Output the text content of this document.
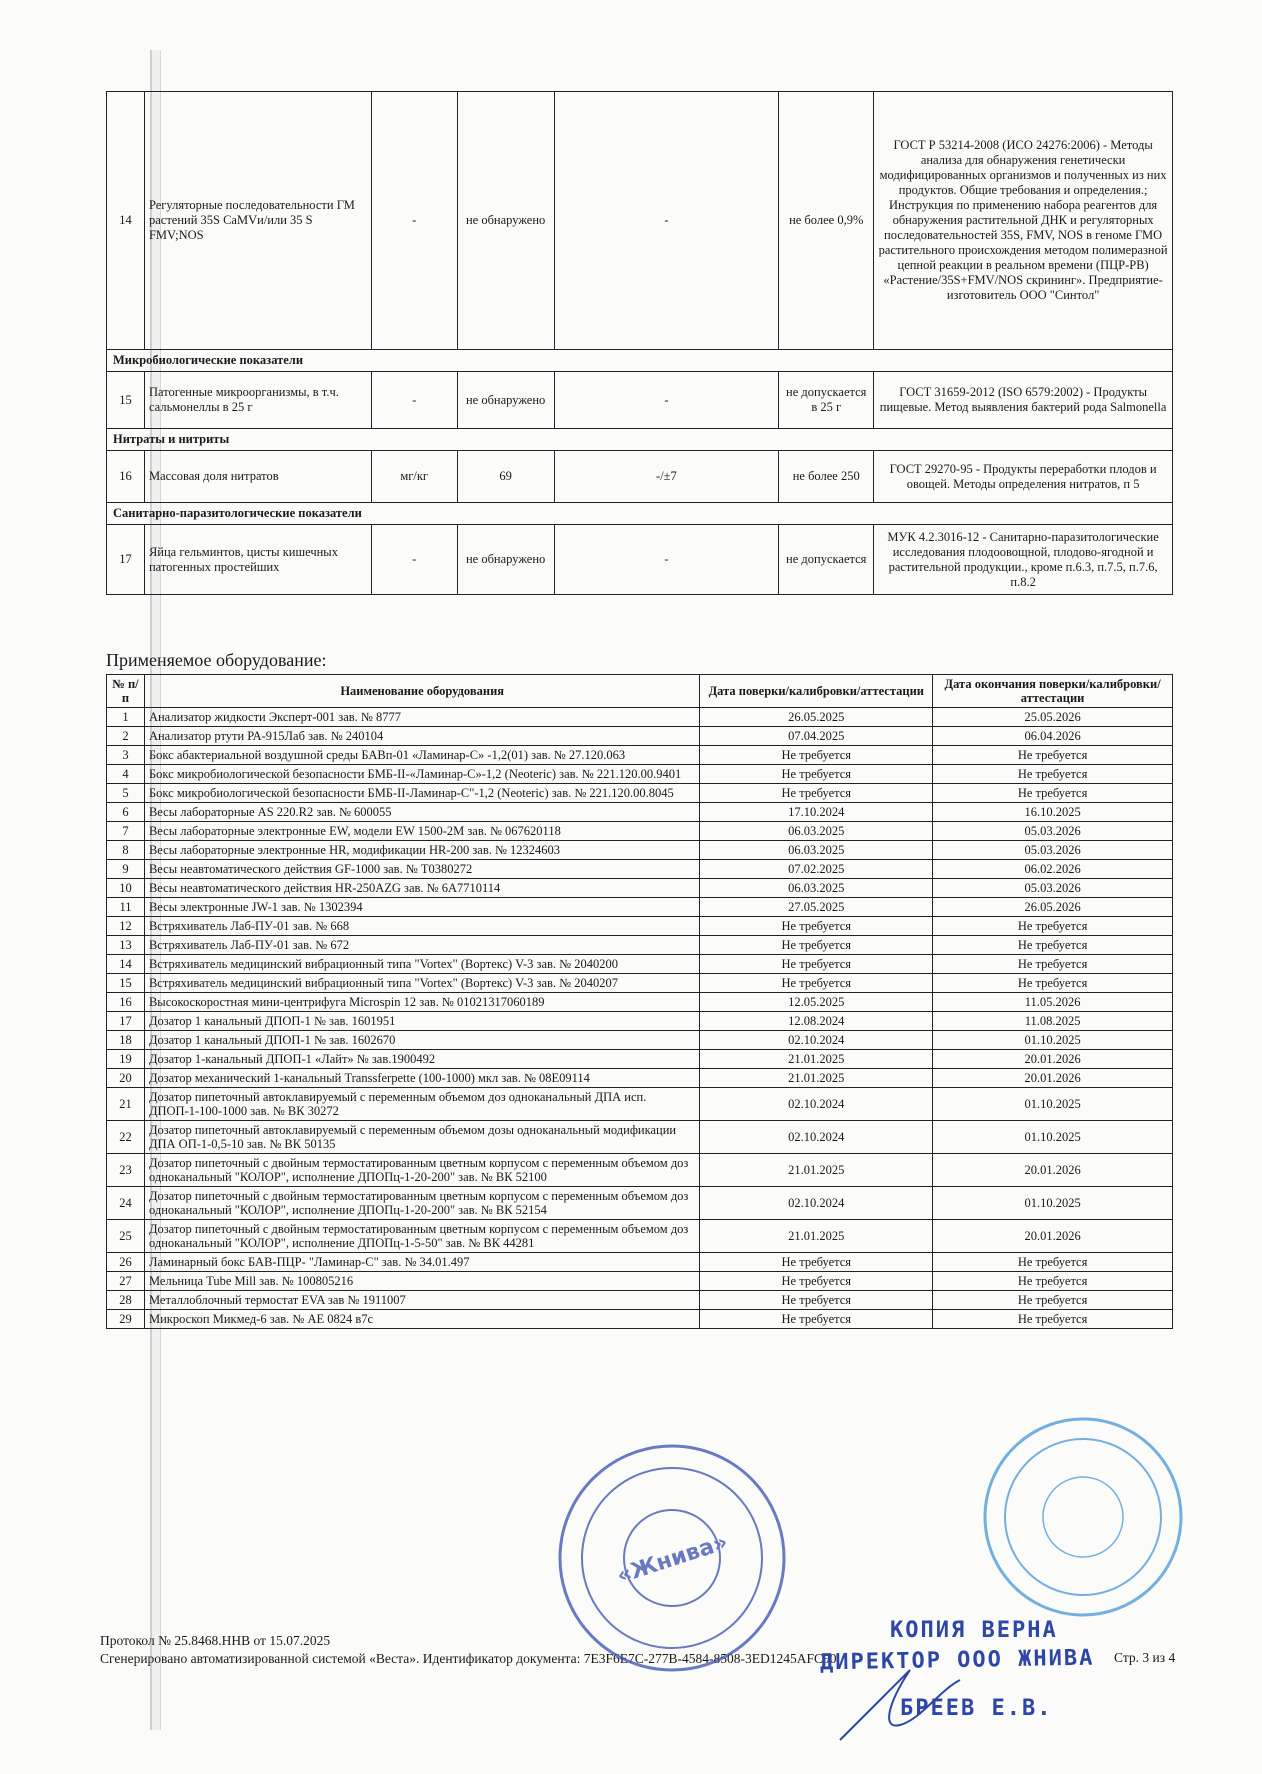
14	Регуляторные последовательности ГМ растений 35S CaMVи/или 35 S FMV;NOS	-	не обнаружено	-	не более 0,9%	ГОСТ Р 53214-2008 (ИСО 24276:2006) - Методы анализа для обнаружения генетически модифицированных организмов и полученных из них продуктов. Общие требования и определения.; Инструкция по применению набора реагентов для обнаружения растительной ДНК и регуляторных последовательностей 35S, FMV, NOS в геноме ГМО растительного происхождения методом полимеразной цепной реакции в реальном времени (ПЦР-РВ) «Растение/35S+FMV/NOS скрининг». Предприятие-изготовитель ООО "Синтол"
Микробиологические показатели						
15	Патогенные микроорганизмы, в т.ч. сальмонеллы в 25 г	-	не обнаружено	-	не допускается в 25 г	ГОСТ 31659-2012 (ISO 6579:2002) - Продукты пищевые. Метод выявления бактерий рода Salmonella
Нитраты и нитриты						
16	Массовая доля нитратов	мг/кг	69	-/±7	не более 250	ГОСТ 29270-95 - Продукты переработки плодов и овощей. Методы определения нитратов, п 5
Санитарно-паразитологические показатели						
17	Яйца гельминтов, цисты кишечных патогенных простейших	-	не обнаружено	-	не допускается	МУК 4.2.3016-12 - Санитарно-паразитологические исследования плодоовощной, плодово-ягодной и растительной продукции., кроме п.6.3, п.7.5, п.7.6, п.8.2
Применяемое оборудование:
№ п/п	Наименование оборудования	Дата поверки/калибровки/аттестации	Дата окончания поверки/калибровки/аттестации
1	Анализатор жидкости Эксперт-001 зав. № 8777	26.05.2025	25.05.2026
2	Анализатор ртути РА-915Лаб зав. № 240104	07.04.2025	06.04.2026
3	Бокс абактериальной воздушной среды БАВп-01 «Ламинар-С» -1,2(01) зав. № 27.120.063	Не требуется	Не требуется
4	Бокс микробиологической безопасности БМБ-II-«Ламинар-С»-1,2 (Neoteric) зав. № 221.120.00.9401	Не требуется	Не требуется
5	Бокс микробиологической безопасности БМБ-II-Ламинар-С"-1,2 (Neoteric) зав. № 221.120.00.8045	Не требуется	Не требуется
6	Весы лабораторные AS 220.R2 зав. № 600055	17.10.2024	16.10.2025
7	Весы лабораторные электронные EW, модели EW 1500-2M зав. № 067620118	06.03.2025	05.03.2026
8	Весы лабораторные электронные HR, модификации HR-200 зав. № 12324603	06.03.2025	05.03.2026
9	Весы неавтоматического действия GF-1000 зав. № T0380272	07.02.2025	06.02.2026
10	Весы неавтоматического действия HR-250AZG зав. № 6A7710114	06.03.2025	05.03.2026
11	Весы электронные JW-1 зав. № 1302394	27.05.2025	26.05.2026
12	Встряхиватель Лаб-ПУ-01 зав. № 668	Не требуется	Не требуется
13	Встряхиватель Лаб-ПУ-01 зав. № 672	Не требуется	Не требуется
14	Встряхиватель медицинский вибрационный типа "Vortex" (Вортекс) V-3 зав. № 2040200	Не требуется	Не требуется
15	Встряхиватель медицинский вибрационный типа "Vortex" (Вортекс) V-3 зав. № 2040207	Не требуется	Не требуется
16	Высокоскоростная мини-центрифуга Microspin 12 зав. № 01021317060189	12.05.2025	11.05.2026
17	Дозатор 1 канальный ДПОП-1 № зав. 1601951	12.08.2024	11.08.2025
18	Дозатор 1 канальный ДПОП-1 № зав. 1602670	02.10.2024	01.10.2025
19	Дозатор 1-канальный ДПОП-1 «Лайт» № зав.1900492	21.01.2025	20.01.2026
20	Дозатор механический 1-канальный Transsferpette (100-1000) мкл зав. № 08E09114	21.01.2025	20.01.2026
21	Дозатор пипеточный автоклавируемый с переменным объемом доз одноканальный ДПА исп. ДПОП-1-100-1000 зав. № ВК 30272	02.10.2024	01.10.2025
22	Дозатор пипеточный автоклавируемый с переменным объемом дозы одноканальный модификации ДПА ОП-1-0,5-10 зав. № ВК 50135	02.10.2024	01.10.2025
23	Дозатор пипеточный с двойным термостатированным цветным корпусом с переменным объемом доз одноканальный "КОЛОР", исполнение ДПОПц-1-20-200" зав. № ВК 52100	21.01.2025	20.01.2026
24	Дозатор пипеточный с двойным термостатированным цветным корпусом с переменным объемом доз одноканальный "КОЛОР", исполнение ДПОПц-1-20-200" зав. № ВК 52154	02.10.2024	01.10.2025
25	Дозатор пипеточный с двойным термостатированным цветным корпусом с переменным объемом доз одноканальный "КОЛОР", исполнение ДПОПц-1-5-50" зав. № ВК 44281	21.01.2025	20.01.2026
26	Ламинарный бокс БАВ-ПЦР- "Ламинар-С" зав. № 34.01.497	Не требуется	Не требуется
27	Мельница Tube Mill зав. № 100805216	Не требуется	Не требуется
28	Металлоблочный термостат EVA зав № 1911007	Не требуется	Не требуется
29	Микроскоп Микмед-6 зав. № AE 0824 в7с	Не требуется	Не требуется
Протокол № 25.8468.ННВ от 15.07.2025
Сгенерировано автоматизированной системой «Веста». Идентификатор документа: 7E3F6E7C-277B-4584-8508-3ED1245AFC90	Стр. 3 из 4
«Жнива»
КОПИЯ ВЕРНА
ДИРЕКТОР ООО ЖНИВА
БРЕЕВ Е.В.
